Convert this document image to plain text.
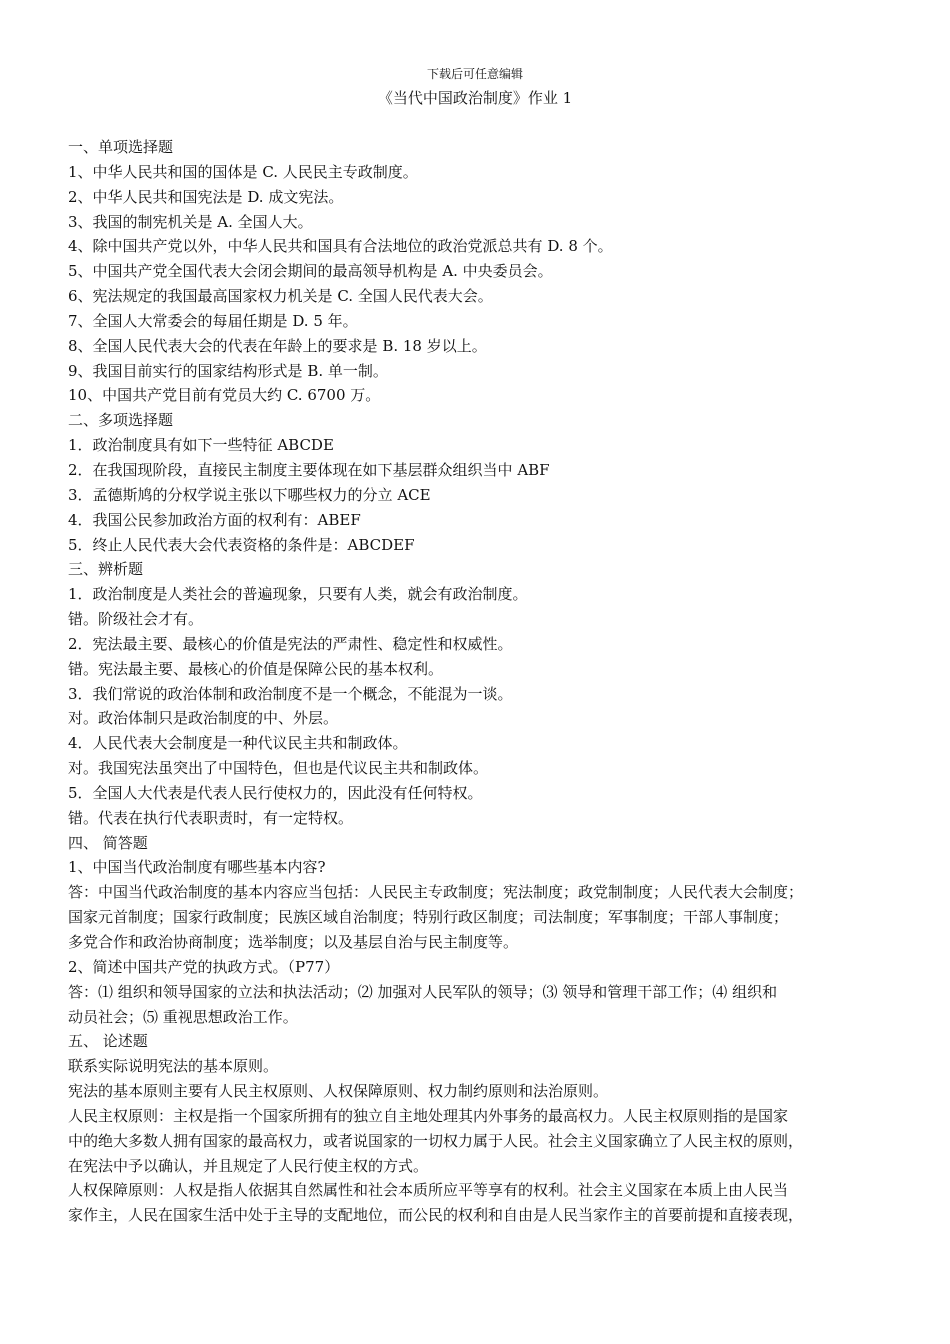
下载后可任意编辑
《当代中国政治制度》作业 1
一、单项选择题
1、中华人民共和国的国体是 C. 人民民主专政制度。
2、中华人民共和国宪法是 D. 成文宪法。
3、我国的制宪机关是 A. 全国人大。
4、除中国共产党以外，中华人民共和国具有合法地位的政治党派总共有 D. 8 个。
5、中国共产党全国代表大会闭会期间的最高领导机构是 A. 中央委员会。
6、宪法规定的我国最高国家权力机关是 C. 全国人民代表大会。
7、全国人大常委会的每届任期是 D. 5 年。
8、全国人民代表大会的代表在年龄上的要求是 B. 18 岁以上。
9、我国目前实行的国家结构形式是 B. 单一制。
10、中国共产党目前有党员大约 C. 6700 万。
二、多项选择题
1．政治制度具有如下一些特征 ABCDE
2．在我国现阶段，直接民主制度主要体现在如下基层群众组织当中 ABF
3．孟德斯鸠的分权学说主张以下哪些权力的分立 ACE
4．我国公民参加政治方面的权利有：ABEF
5．终止人民代表大会代表资格的条件是：ABCDEF
三、辨析题
1．政治制度是人类社会的普遍现象，只要有人类，就会有政治制度。
错。阶级社会才有。
2．宪法最主要、最核心的价值是宪法的严肃性、稳定性和权威性。
错。宪法最主要、最核心的价值是保障公民的基本权利。
3．我们常说的政治体制和政治制度不是一个概念，不能混为一谈。
对。政治体制只是政治制度的中、外层。
4．人民代表大会制度是一种代议民主共和制政体。
对。我国宪法虽突出了中国特色，但也是代议民主共和制政体。
5．全国人大代表是代表人民行使权力的，因此没有任何特权。
错。代表在执行代表职责时，有一定特权。
四、 简答题
1、中国当代政治制度有哪些基本内容?
答：中国当代政治制度的基本内容应当包括：人民民主专政制度；宪法制度；政党制制度；人民代表大会制度；
国家元首制度；国家行政制度；民族区域自治制度；特别行政区制度；司法制度；军事制度；干部人事制度；
多党合作和政治协商制度；选举制度；以及基层自治与民主制度等。
2、简述中国共产党的执政方式。（P77）
答：⑴ 组织和领导国家的立法和执法活动；⑵ 加强对人民军队的领导；⑶ 领导和管理干部工作；⑷ 组织和
动员社会；⑸ 重视思想政治工作。
五、 论述题
联系实际说明宪法的基本原则。
宪法的基本原则主要有人民主权原则、人权保障原则、权力制约原则和法治原则。
人民主权原则：主权是指一个国家所拥有的独立自主地处理其内外事务的最高权力。人民主权原则指的是国家
中的绝大多数人拥有国家的最高权力，或者说国家的一切权力属于人民。社会主义国家确立了人民主权的原则，
在宪法中予以确认，并且规定了人民行使主权的方式。
人权保障原则：人权是指人依据其自然属性和社会本质所应平等享有的权利。社会主义国家在本质上由人民当
家作主，人民在国家生活中处于主导的支配地位，而公民的权利和自由是人民当家作主的首要前提和直接表现，
